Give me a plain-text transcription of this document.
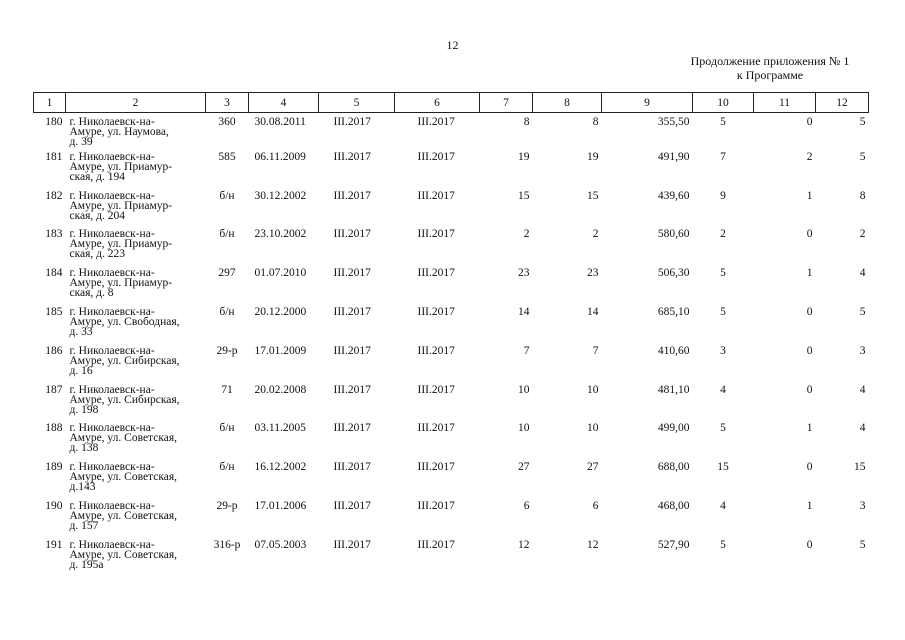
12
Продолжение приложения № 1
к Программе
1	2	3	4	5	6	7	8	9	10	11	12
180	г. Николаевск-на-
Амуре, ул. Наумова,
д. 39	360	30.08.2011	III.2017	III.2017	8	8	355,50	5	0	5
181	г. Николаевск-на-
Амуре, ул. Приамур-
ская, д. 194	585	06.11.2009	III.2017	III.2017	19	19	491,90	7	2	5
182	г. Николаевск-на-
Амуре, ул. Приамур-
ская, д. 204	б/н	30.12.2002	III.2017	III.2017	15	15	439,60	9	1	8
183	г. Николаевск-на-
Амуре, ул. Приамур-
ская, д. 223	б/н	23.10.2002	III.2017	III.2017	2	2	580,60	2	0	2
184	г. Николаевск-на-
Амуре, ул. Приамур-
ская, д. 8	297	01.07.2010	III.2017	III.2017	23	23	506,30	5	1	4
185	г. Николаевск-на-
Амуре, ул. Свободная,
д. 33	б/н	20.12.2000	III.2017	III.2017	14	14	685,10	5	0	5
186	г. Николаевск-на-
Амуре, ул. Сибирская,
д. 16	29-р	17.01.2009	III.2017	III.2017	7	7	410,60	3	0	3
187	г. Николаевск-на-
Амуре, ул. Сибирская,
д. 198	71	20.02.2008	III.2017	III.2017	10	10	481,10	4	0	4
188	г. Николаевск-на-
Амуре, ул. Советская,
д. 138	б/н	03.11.2005	III.2017	III.2017	10	10	499,00	5	1	4
189	г. Николаевск-на-
Амуре, ул. Советская,
д.143	б/н	16.12.2002	III.2017	III.2017	27	27	688,00	15	0	15
190	г. Николаевск-на-
Амуре, ул. Советская,
д. 157	29-р	17.01.2006	III.2017	III.2017	6	6	468,00	4	1	3
191	г. Николаевск-на-
Амуре, ул. Советская,
д. 195а	316-р	07.05.2003	III.2017	III.2017	12	12	527,90	5	0	5
